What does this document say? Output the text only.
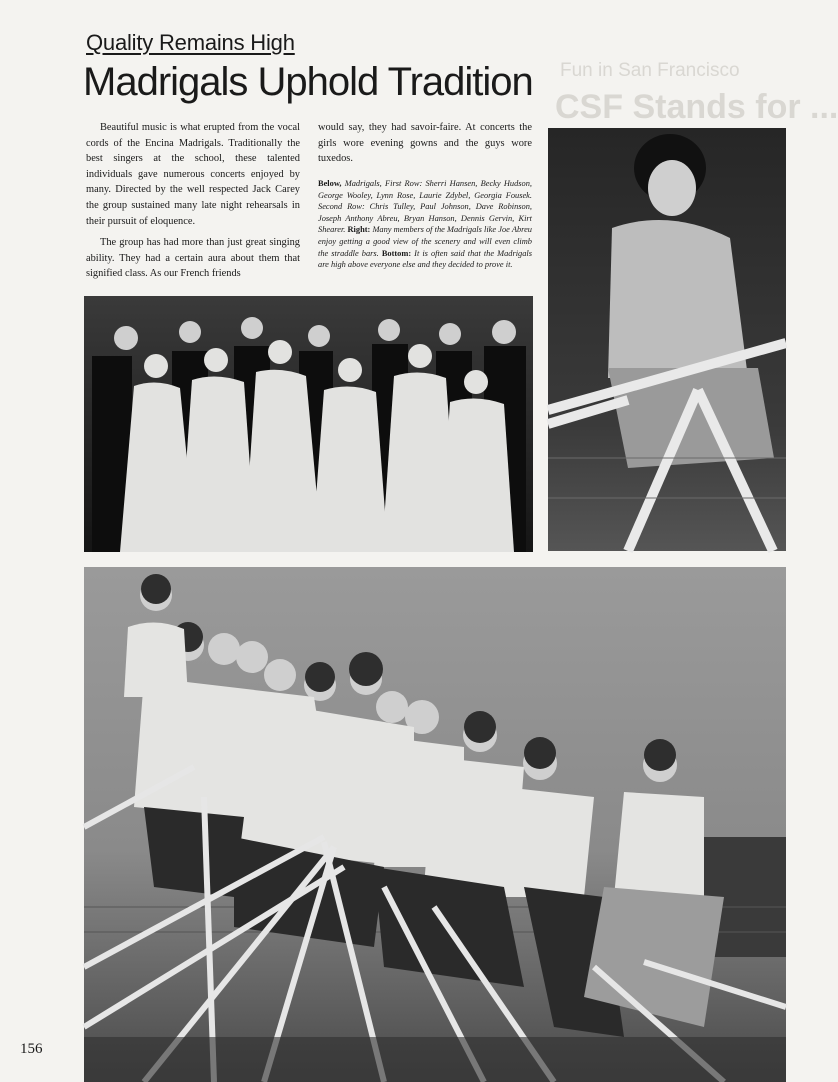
Fun in San Francisco
CSF Stands for ...
Quality Remains High
Madrigals Uphold Tradition

Beautiful music is what erupted from the vocal cords of the Encina Madrigals. Traditionally the best singers at the school, these talented individuals gave numerous concerts enjoyed by many. Directed by the well respected Jack Carey the group sustained many late night rehearsals in their pursuit of eloquence.

The group has had more than just great singing ability. They had a certain aura about them that signified class. As our French friends

would say, they had savoir-faire. At concerts the girls wore evening gowns and the guys wore tuxedos.

Below, Madrigals, First Row: Sherri Hansen, Becky Hudson, George Wooley, Lynn Rose, Laurie Zdybel, Georgia Fousek. Second Row: Chris Tulley, Paul Johnson, Dave Robinson, Joseph Anthony Abreu, Bryan Hanson, Dennis Gervin, Kirt Shearer. Right: Many members of the Madrigals like Joe Abreu enjoy getting a good view of the scenery and will even climb the straddle bars. Bottom: It is often said that the Madrigals are high above everyone else and they decided to prove it.
156
